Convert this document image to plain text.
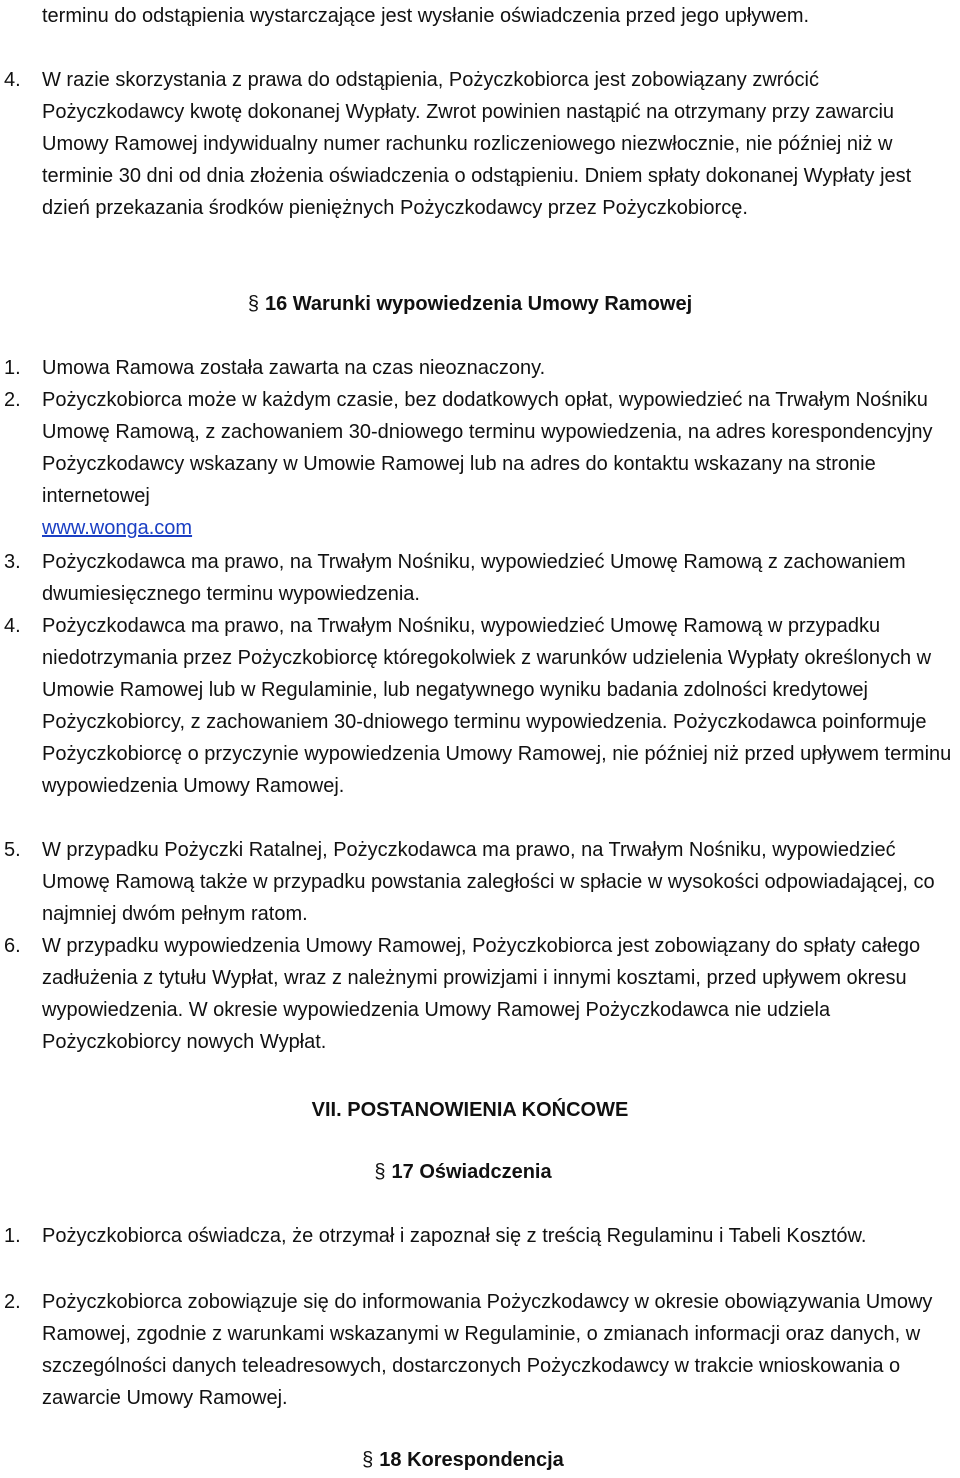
terminu do odstąpienia wystarczające jest wysłanie oświadczenia przed jego upływem.
4. W razie skorzystania z prawa do odstąpienia, Pożyczkobiorca jest zobowiązany zwrócić Pożyczkodawcy kwotę dokonanej Wypłaty. Zwrot powinien nastąpić na otrzymany przy zawarciu Umowy Ramowej indywidualny numer rachunku rozliczeniowego niezwłocznie, nie później niż w terminie 30 dni od dnia złożenia oświadczenia o odstąpieniu. Dniem spłaty dokonanej Wypłaty jest dzień przekazania środków pieniężnych Pożyczkodawcy przez Pożyczkobiorcę.
§ 16 Warunki wypowiedzenia Umowy Ramowej
1. Umowa Ramowa została zawarta na czas nieoznaczony.
2. Pożyczkobiorca może w każdym czasie, bez dodatkowych opłat, wypowiedzieć na Trwałym Nośniku Umowę Ramową, z zachowaniem 30-dniowego terminu wypowiedzenia, na adres korespondencyjny Pożyczkodawcy wskazany w Umowie Ramowej lub na adres do kontaktu wskazany na stronie internetowej
www.wonga.com
3. Pożyczkodawca ma prawo, na Trwałym Nośniku, wypowiedzieć Umowę Ramową z zachowaniem dwumiesięcznego terminu wypowiedzenia.
4. Pożyczkodawca ma prawo, na Trwałym Nośniku, wypowiedzieć Umowę Ramową w przypadku niedotrzymania przez Pożyczkobiorcę któregokolwiek z warunków udzielenia Wypłaty określonych w Umowie Ramowej lub w Regulaminie, lub negatywnego wyniku badania zdolności kredytowej Pożyczkobiorcy, z zachowaniem 30-dniowego terminu wypowiedzenia. Pożyczkodawca poinformuje Pożyczkobiorcę o przyczynie wypowiedzenia Umowy Ramowej, nie później niż przed upływem terminu wypowiedzenia Umowy Ramowej.
5. W przypadku Pożyczki Ratalnej, Pożyczkodawca ma prawo, na Trwałym Nośniku, wypowiedzieć Umowę Ramową także w przypadku powstania zaległości w spłacie w wysokości odpowiadającej, co najmniej dwóm pełnym ratom.
6. W przypadku wypowiedzenia Umowy Ramowej, Pożyczkobiorca jest zobowiązany do spłaty całego zadłużenia z tytułu Wypłat, wraz z należnymi prowizjami i innymi kosztami, przed upływem okresu wypowiedzenia. W okresie wypowiedzenia Umowy Ramowej Pożyczkodawca nie udziela Pożyczkobiorcy nowych Wypłat.
VII. POSTANOWIENIA KOŃCOWE
§ 17 Oświadczenia
1. Pożyczkobiorca oświadcza, że otrzymał i zapoznał się z treścią Regulaminu i Tabeli Kosztów.
2. Pożyczkobiorca zobowiązuje się do informowania Pożyczkodawcy w okresie obowiązywania Umowy Ramowej, zgodnie z warunkami wskazanymi w Regulaminie, o zmianach informacji oraz danych, w szczególności danych teleadresowych, dostarczonych Pożyczkodawcy w trakcie wnioskowania o zawarcie Umowy Ramowej.
§ 18 Korespondencja
